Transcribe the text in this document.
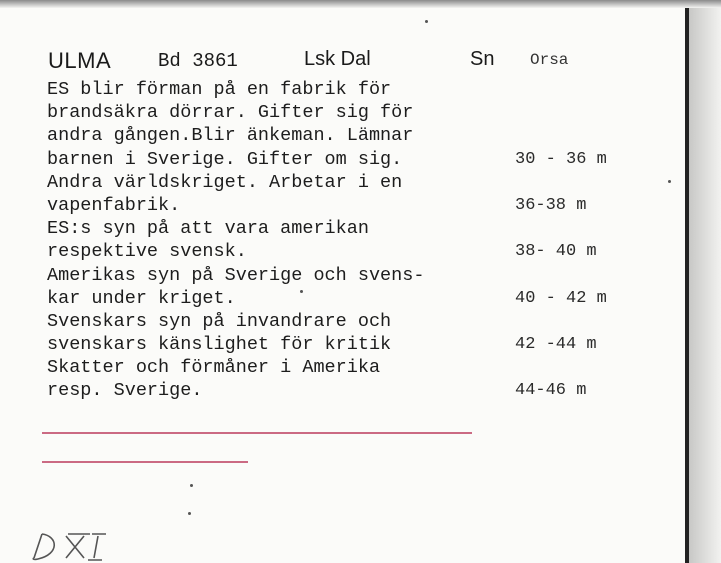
ULMA Bd 3861	Lsk Dal	Sn Orsa
ES blir förman på en fabrik för
brandsäkra dörrar. Gifter sig för
andra gången.Blir änkeman. Lämnar
barnen i Sverige. Gifter om sig.	30 - 36 m
Andra världskriget. Arbetar i en
vapenfabrik.	36-38 m
ES:s syn på att vara amerikan
respektive svensk.	38- 40 m
Amerikas syn på Sverige och svens-
kar under kriget.	40 - 42 m
Svenskars syn på invandrare och
svenskars känslighet för kritik	42 -44 m
Skatter och förmåner i Amerika
resp. Sverige.	44-46 m
